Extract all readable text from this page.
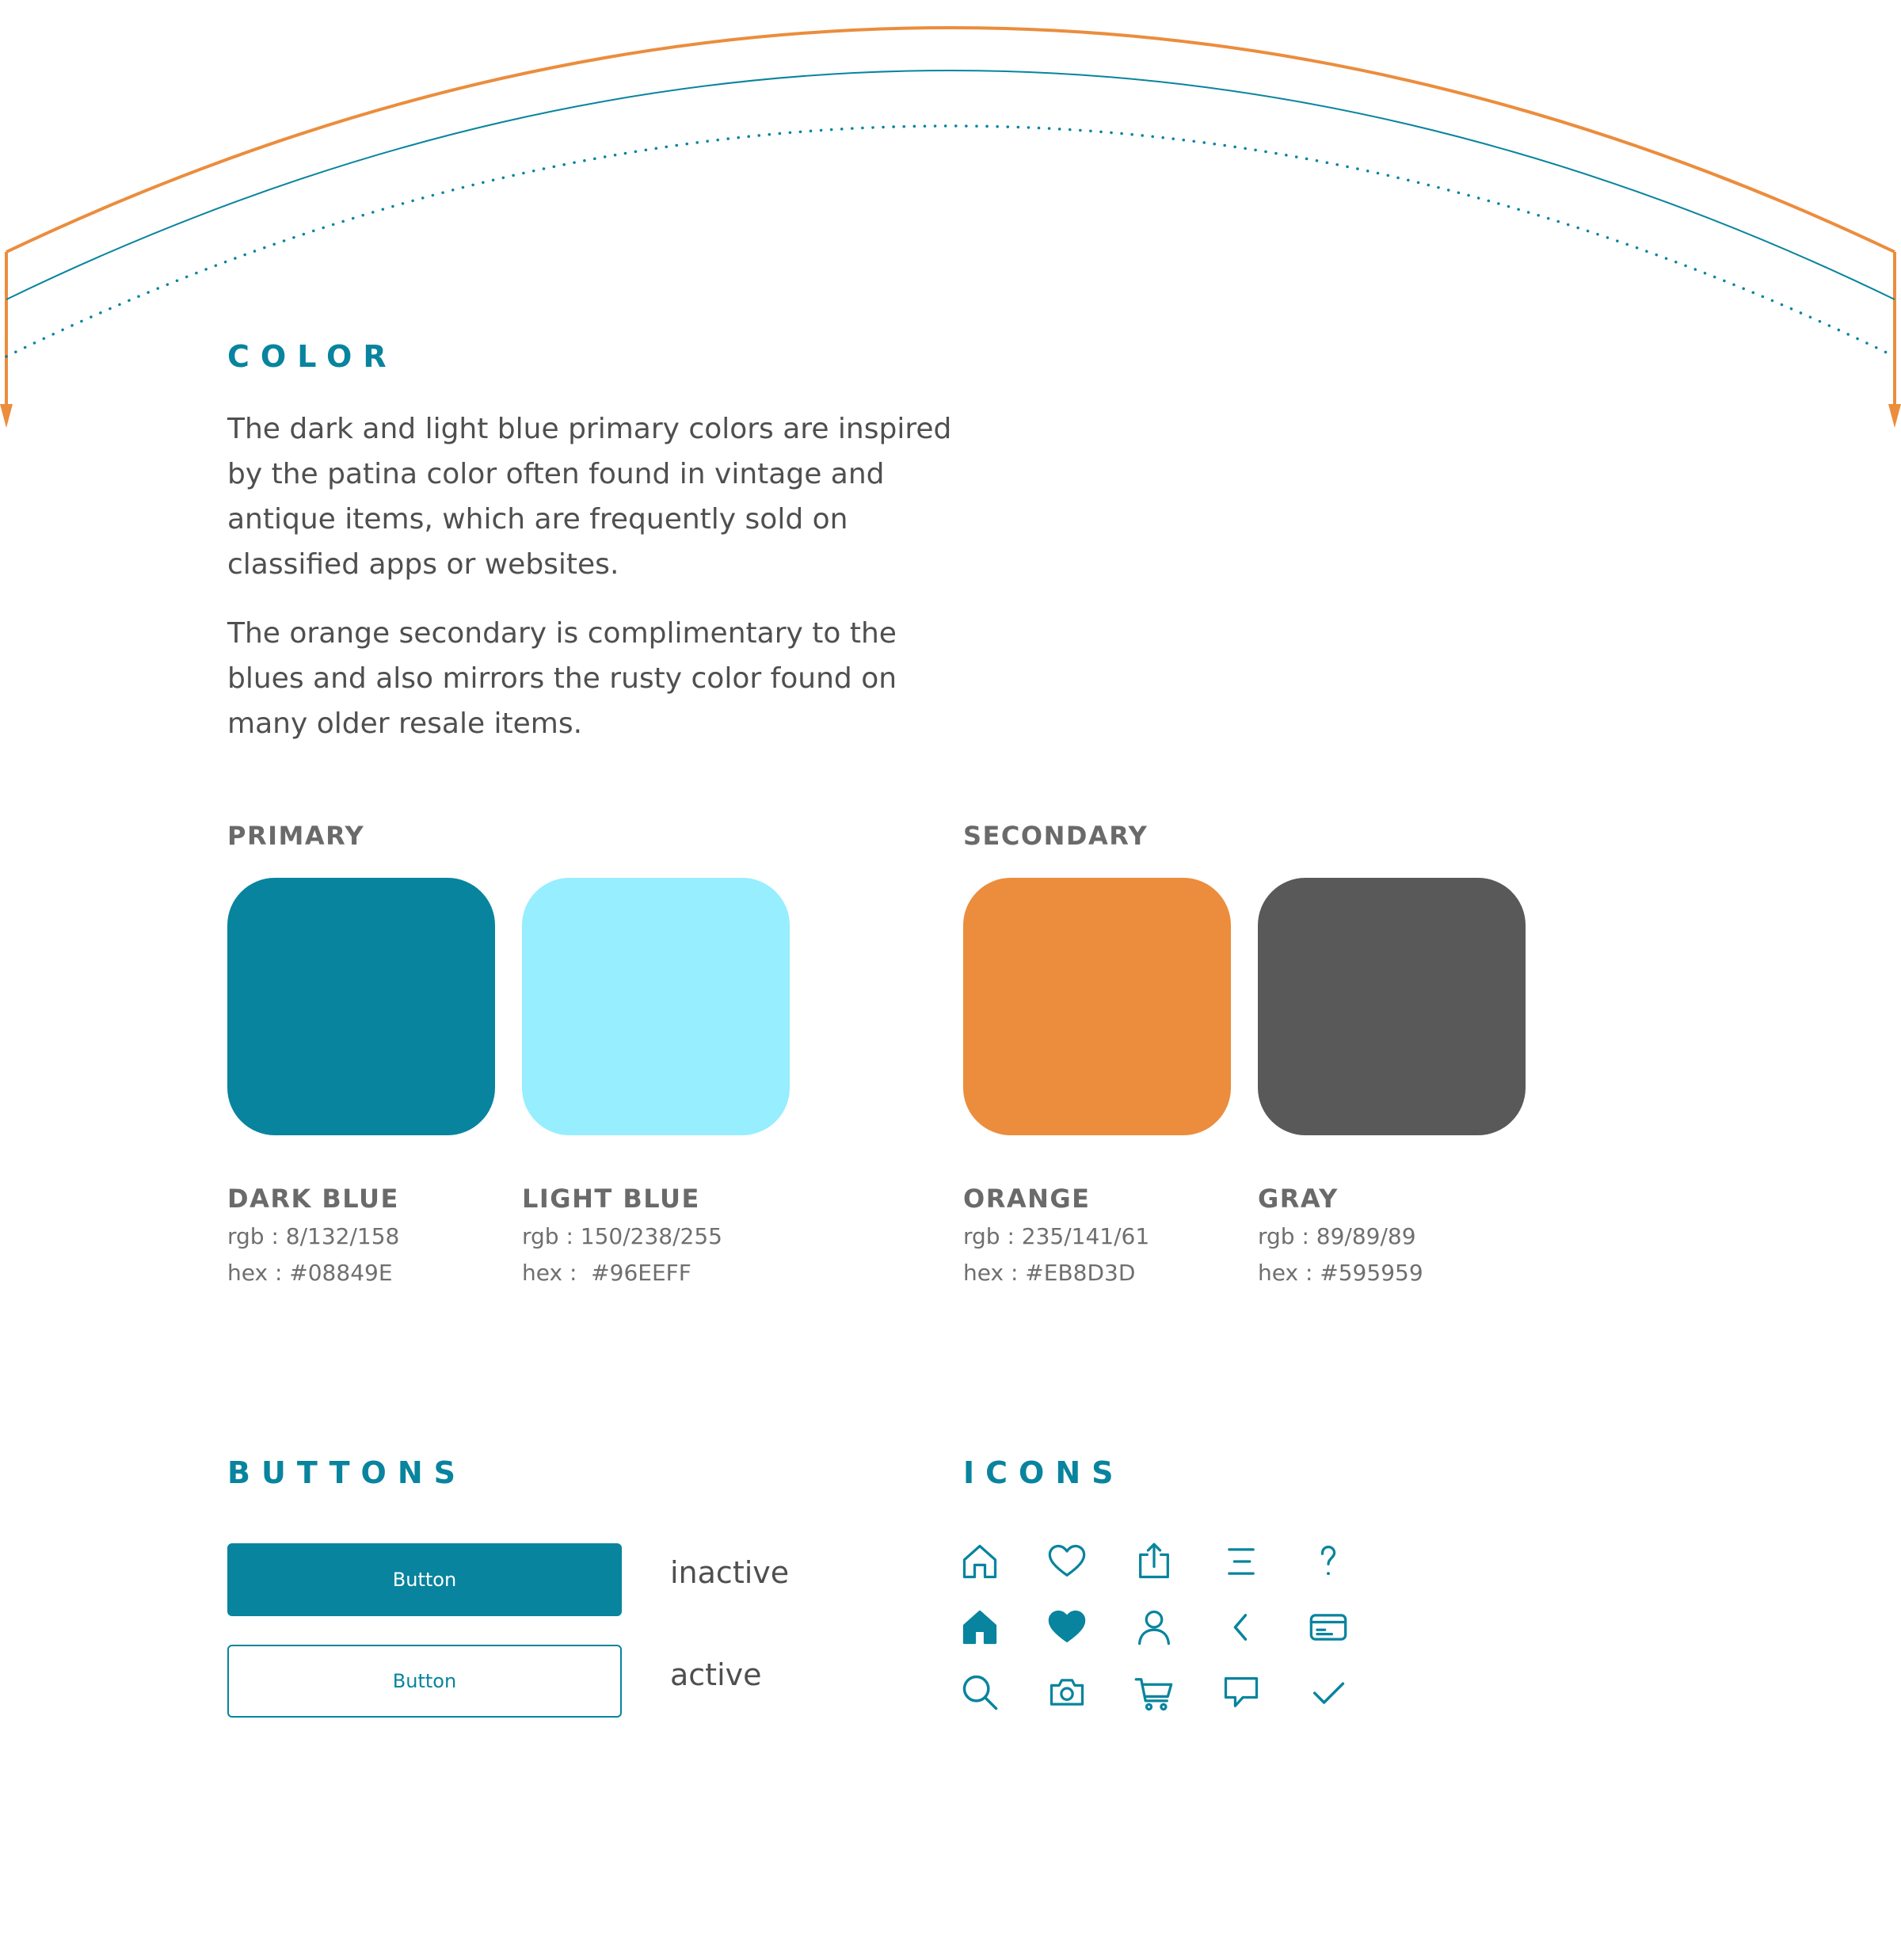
COLOR

The dark and light blue primary colors are inspired by the patina color often found in vintage and antique items, which are frequently sold on classified apps or websites.

The orange secondary is complimentary to the blues and also mirrors the rusty color found on many older resale items.

PRIMARY	SECONDARY
DARK BLUE
rgb : 8/132/158
hex : #08849E
LIGHT BLUE
rgb : 150/238/255
hex :  #96EEFF
ORANGE
rgb : 235/141/61
hex : #EB8D3D
GRAY
rgb : 89/89/89
hex : #595959
BUTTONS
Button	inactive
Button	active
ICONS
